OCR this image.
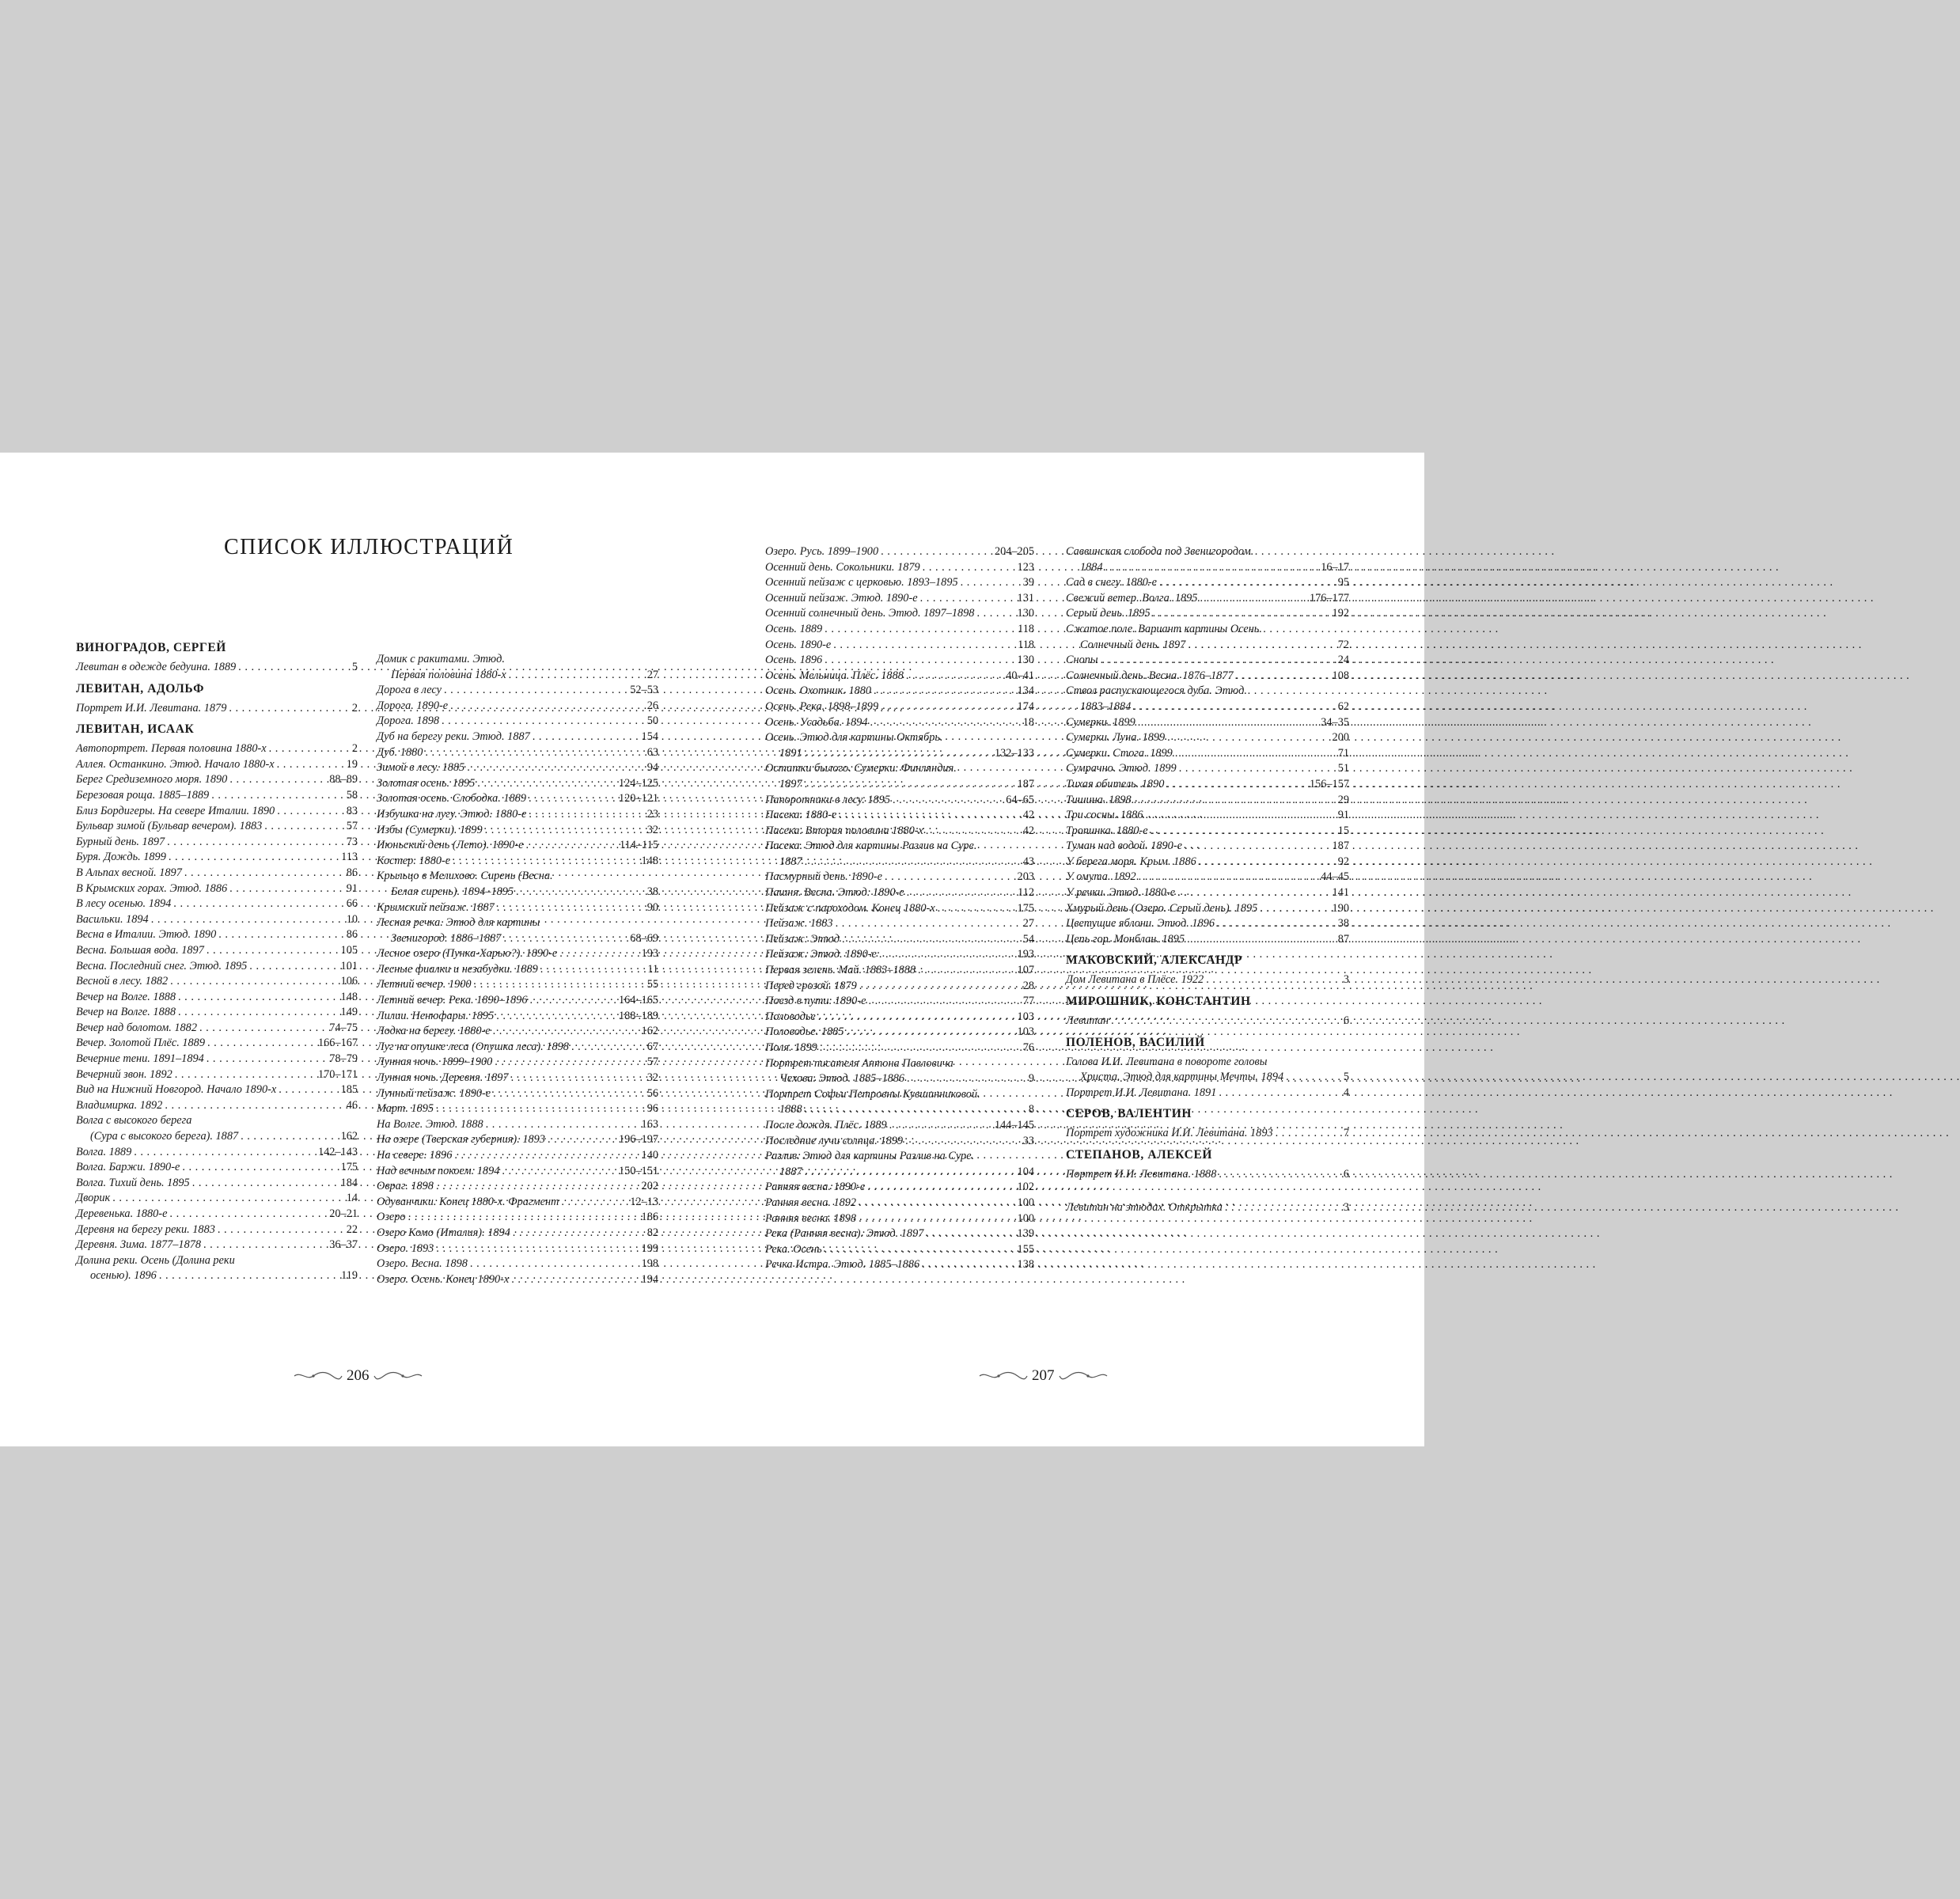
СПИСОК ИЛЛЮСТРАЦИЙ
ВИНОГРАДОВ, СЕРГЕЙ
Левитан в одежде бедуина. 1889 . . .	5
ЛЕВИТАН, АДОЛЬФ
Портрет И.И. Левитана. 1879 . . .	2
ЛЕВИТАН, ИСААК
Автопортрет. Первая половина 1880-х . . .	2
Аллея. Останкино. Этюд. Начало 1880-х . . .	19
Берег Средиземного моря. 1890 . . .	88–89
Березовая роща. 1885–1889 . . .	58
Близ Бордигеры. На севере Италии. 1890 . . .	83
Бульвар зимой (Бульвар вечером). 1883 . . .	57
Бурный день. 1897 . . .	73
Буря. Дождь. 1899 . . .	113
В Альпах весной. 1897 . . .	86
В Крымских горах. Этюд. 1886 . . .	91
В лесу осенью. 1894 . . .	66
Васильки. 1894 . . .	10
Весна в Италии. Этюд. 1890 . . .	86
Весна. Большая вода. 1897 . . .	105
Весна. Последний снег. Этюд. 1895 . . .	101
Весной в лесу. 1882 . . .	106
Вечер на Волге. 1888 . . .	148
Вечер на Волге. 1888 . . .	149
Вечер над болотом. 1882 . . .	74–75
Вечер. Золотой Плёс. 1889 . . .	166–167
Вечерние тени. 1891–1894 . . .	78–79
Вечерний звон. 1892 . . .	170–171
Вид на Нижний Новгород. Начало 1890-х . . .	185
Владимирка. 1892 . . .	46
Волга с высокого берега
(Сура с высокого берега). 1887 . . .	162
Волга. 1889 . . .	142–143
Волга. Баржи. 1890-е . . .	175
Волга. Тихий день. 1895 . . .	184
Дворик . . .	14
Деревенька. 1880-е . . .	20–21
Деревня на берегу реки. 1883 . . .	22
Деревня. Зима. 1877–1878 . . .	36–37
Долина реки. Осень (Долина реки
осенью). 1896 . . .	119
Домик с ракитами. Этюд.
Первая половина 1880-х . . .	27
Дорога в лесу . . .	52–53
Дорога. 1890-е . . .	26
Дорога. 1898 . . .	50
Дуб на берегу реки. Этюд. 1887 . . .	154
Дуб. 1880 . . .	63
Зимой в лесу. 1885 . . .	94
Золотая осень. 1895 . . .	124–125
Золотая осень. Слободка. 1889 . . .	120–121
Избушка на лугу. Этюд. 1880-е . . .	23
Избы (Сумерки). 1899 . . .	32
Июньский день (Лето). 1890-е . . .	114–115
Костер. 1880-е . . .	148
Крыльцо в Мелихово. Сирень (Весна.
Белая сирень). 1894–1895 . . .	38
Крымский пейзаж. 1887 . . .	90
Лесная речка. Этюд для картины
Звенигород. 1886–1887 . . .	68–69
Лесное озеро (Пунка-Харью?). 1890-е . . .	193
Лесные фиалки и незабудки. 1889 . . .	11
Летний вечер. 1900 . . .	55
Летний вечер. Река. 1890–1896 . . .	164–165
Лилии. Ненюфары. 1895 . . .	188–189
Лодка на берегу. 1880-е . . .	162
Луг на опушке леса (Опушка леса). 1898 . . .	67
Лунная ночь. 1899–1900 . . .	57
Лунная ночь. Деревня. 1897 . . .	32
Лунный пейзаж. 1890-е . . .	56
Март. 1895 . . .	96
На Волге. Этюд. 1888 . . .	163
На озере (Тверская губерния). 1893 . . .	196–197
На севере. 1896 . . .	140
Над вечным покоем. 1894 . . .	150–151
Овраг. 1898 . . .	202
Одуванчики. Конец 1880-х. Фрагмент . . .	12–13
Озеро . . .	186
Озеро Комо (Италия). 1894 . . .	82
Озеро. 1893 . . .	199
Озеро. Весна. 1898 . . .	198
Озеро. Осень. Конец 1890-х . . .	194
Озеро. Русь. 1899–1900 . . .	204–205
Осенний день. Сокольники. 1879 . . .	123
Осенний пейзаж с церковью. 1893–1895 . . .	39
Осенний пейзаж. Этюд. 1890-е . . .	131
Осенний солнечный день. Этюд. 1897–1898 . . .	130
Осень. 1889 . . .	118
Осень. 1890-е . . .	118
Осень. 1896 . . .	130
Осень. Мельница. Плёс. 1888 . . .	40–41
Осень. Охотник. 1880 . . .	134
Осень. Река. 1898–1899 . . .	174
Осень. Усадьба. 1894 . . .	18
Осень. Этюд для картины Октябрь.
1891 . . .	132–133
Остатки былого. Сумерки. Финляндия.
1897 . . .	187
Папоротники в лесу. 1895 . . .	64–65
Пасека. 1880-е . . .	42
Пасека. Вторая половина 1880-х . . .	42
Пасека. Этюд для картины Разлив на Суре.
1887 . . .	43
Пасмурный день. 1890-е . . .	203
Пашня. Весна. Этюд. 1890-е . . .	112
Пейзаж с пароходом. Конец 1880-х . . .	175
Пейзаж. 1883 . . .	27
Пейзаж. Этюд . . .	54
Пейзаж. Этюд. 1890-е . . .	193
Первая зелень. Май. 1883–1888 . . .	107
Перед грозой. 1879 . . .	28
Поезд в пути. 1890-е . . .	77
Половодье . . .	103
Половодье. 1885 . . .	103
Поля. 1899 . . .	76
Портрет писателя Антона Павловича
Чехова. Этюд. 1885–1886 . . .	9
Портрет Софьи Петровны Кувшинниковой.
1888 . . .	8
После дождя. Плёс. 1889 . . .	144–145
Последние лучи солнца. 1899 . . .	33
Разлив. Этюд для картины Разлив на Суре.
1887 . . .	104
Ранняя весна. 1890-е . . .	102
Ранняя весна. 1892 . . .	100
Ранняя весна. 1898 . . .	100
Река (Ранняя весна). Этюд. 1897 . . .	139
Река. Осень . . .	155
Речка Истра. Этюд. 1885–1886 . . .	138
Саввинская слобода под Звенигородом.
1884 . . .	16–17
Сад в снегу. 1880-е . . .	95
Свежий ветер. Волга. 1895 . . .	176–177
Серый день. 1895 . . .	192
Сжатое поле. Вариант картины Осень.
Солнечный день. 1897 . . .	72
Снопы . . .	24
Солнечный день. Весна. 1876–1877 . . .	108
Ствол распускающегося дуба. Этюд.
1883–1884 . . .	62
Сумерки. 1899 . . .	34–35
Сумерки. Луна. 1899 . . .	200
Сумерки. Стога. 1899 . . .	71
Сумрачно. Этюд. 1899 . . .	51
Тихая обитель. 1890 . . .	156–157
Тишина. 1898 . . .	29
Три сосны. 1886 . . .	91
Тропинка. 1880-е . . .	15
Туман над водой. 1890-е . . .	187
У берега моря. Крым. 1886 . . .	92
У омута. 1892 . . .	44–45
У речки. Этюд. 1880-е . . .	141
Хмурый день (Озеро. Серый день). 1895 . . .	190
Цветущие яблони. Этюд. 1896 . . .	38
Цепь гор. Монблан. 1895 . . .	87
МАКОВСКИЙ, АЛЕКСАНДР
Дом Левитана в Плёсе. 1922 . . .	3
МИРОШНИК, КОНСТАНТИН
Левитан . . .	6
ПОЛЕНОВ, ВАСИЛИЙ
Голова И.И. Левитана в повороте головы
Христа. Этюд для картины Мечты. 1894 . . .	5
Портрет И.И. Левитана. 1891 . . .	4
СЕРОВ, ВАЛЕНТИН
Портрет художника И.И. Левитана. 1893 . . .	7
СТЕПАНОВ, АЛЕКСЕЙ
Портрет И.И. Левитана. 1888 . . .	6
Левитан на этюдах. Открытка . . .	3
206	207
